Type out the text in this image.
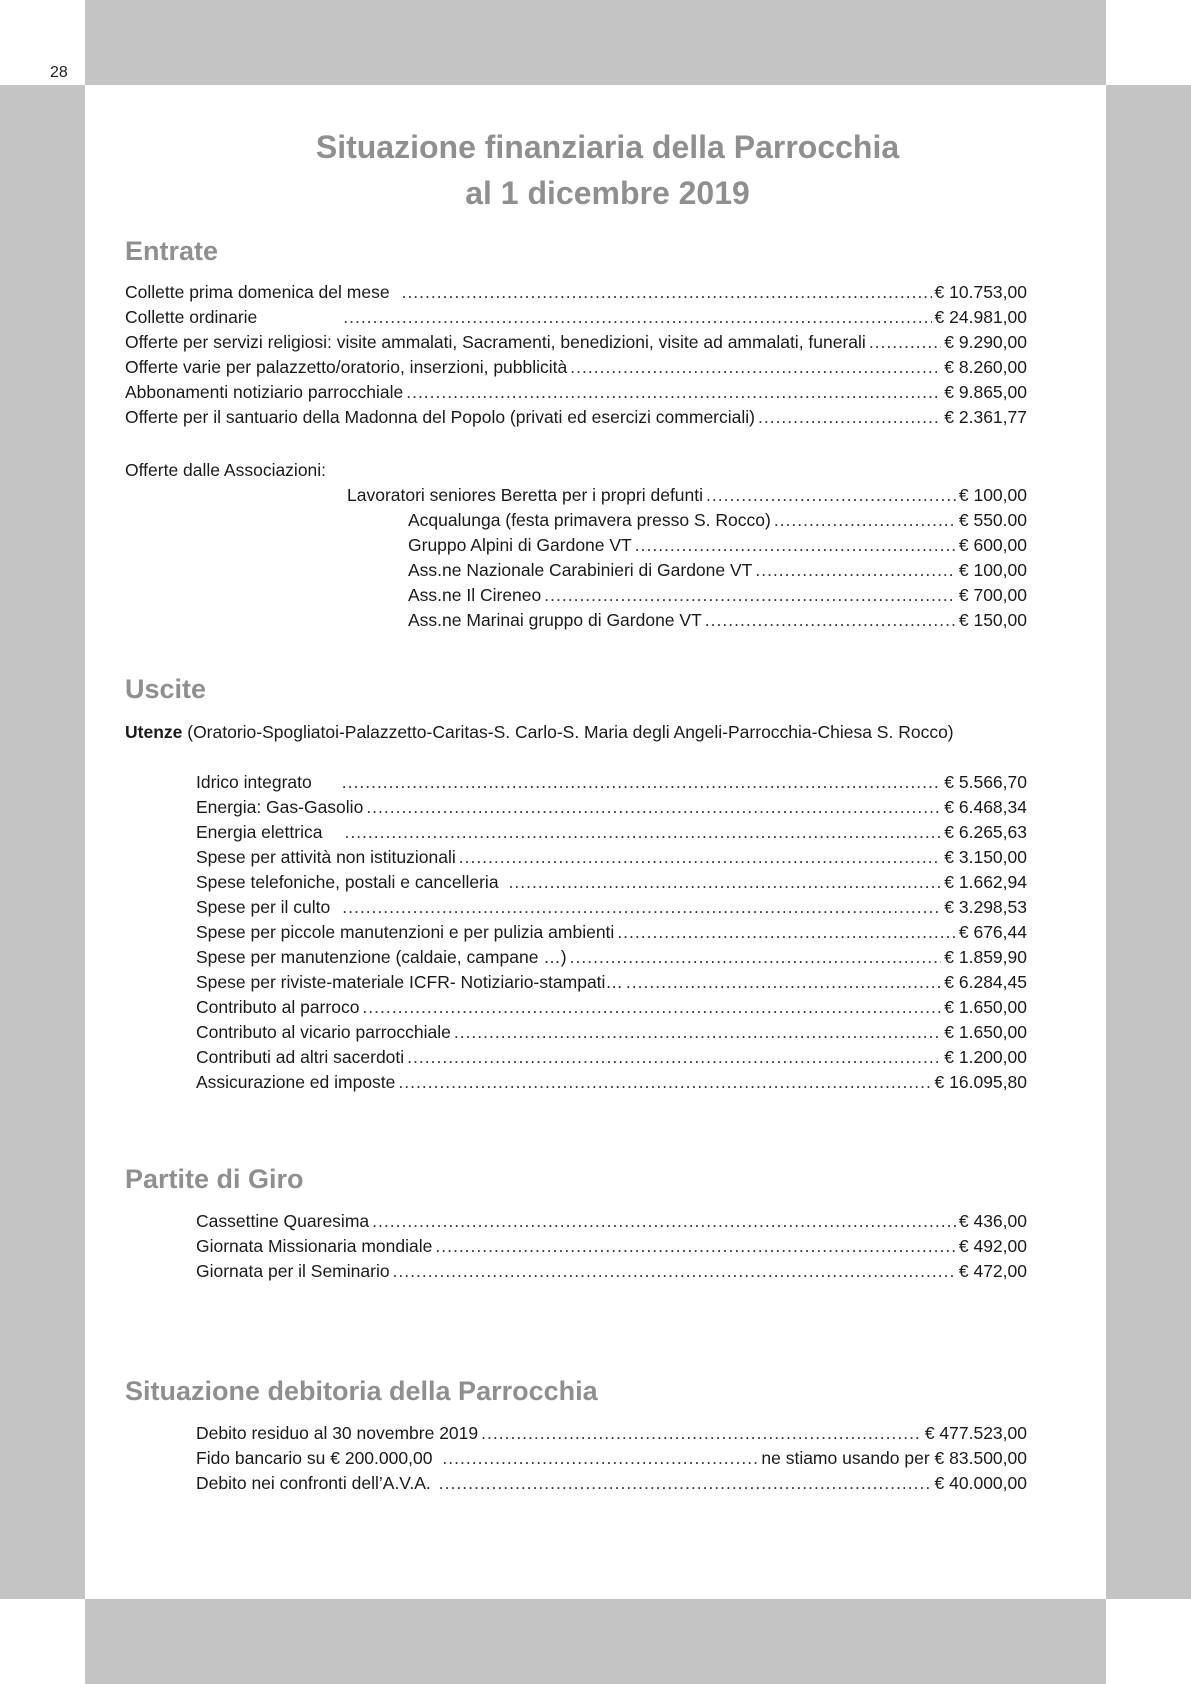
28
Situazione finanziaria della Parrocchia
al 1 dicembre 2019
Entrate
Collette prima domenica del mese .....	€ 10.753,00
Collette ordinarie .....	€ 24.981,00
Offerte per servizi religiosi: visite ammalati, Sacramenti, benedizioni, visite ad ammalati, funerali .....	€ 9.290,00
Offerte varie per palazzetto/oratorio, inserzioni, pubblicità .....	€ 8.260,00
Abbonamenti notiziario parrocchiale .....	€ 9.865,00
Offerte per il santuario della Madonna del Popolo (privati ed esercizi commerciali) .....	€ 2.361,77
Offerte dalle Associazioni:
Lavoratori seniores Beretta per i propri defunti .....	€ 100,00
Acqualunga (festa primavera presso S. Rocco) .....	€ 550.00
Gruppo Alpini di Gardone VT .....	€ 600,00
Ass.ne Nazionale Carabinieri di Gardone VT .....	€ 100,00
Ass.ne Il Cireneo .....	€ 700,00
Ass.ne Marinai gruppo di Gardone VT .....	€ 150,00
Uscite
Utenze (Oratorio-Spogliatoi-Palazzetto-Caritas-S. Carlo-S. Maria degli Angeli-Parrocchia-Chiesa S. Rocco)
Idrico integrato .....	€ 5.566,70
Energia: Gas-Gasolio .....	€ 6.468,34
Energia elettrica .....	€ 6.265,63
Spese per attività non istituzionali .....	€ 3.150,00
Spese telefoniche, postali e cancelleria .....	€ 1.662,94
Spese per il culto .....	€ 3.298,53
Spese per piccole manutenzioni e per pulizia ambienti .....	€ 676,44
Spese per manutenzione (caldaie, campane …) .....	€ 1.859,90
Spese per riviste-materiale ICFR- Notiziario-stampati… .....	€ 6.284,45
Contributo al parroco .....	€ 1.650,00
Contributo al vicario parrocchiale .....	€ 1.650,00
Contributi ad altri sacerdoti .....	€ 1.200,00
Assicurazione ed imposte .....	€ 16.095,80
Partite di Giro
Cassettine Quaresima .....	€ 436,00
Giornata Missionaria mondiale .....	€ 492,00
Giornata per il Seminario .....	€ 472,00
Situazione debitoria della Parrocchia
Debito residuo al 30 novembre 2019 .....	€ 477.523,00
Fido bancario su € 200.000,00 .....	ne stiamo usando per € 83.500,00
Debito nei confronti dell’A.V.A. .....	€ 40.000,00
